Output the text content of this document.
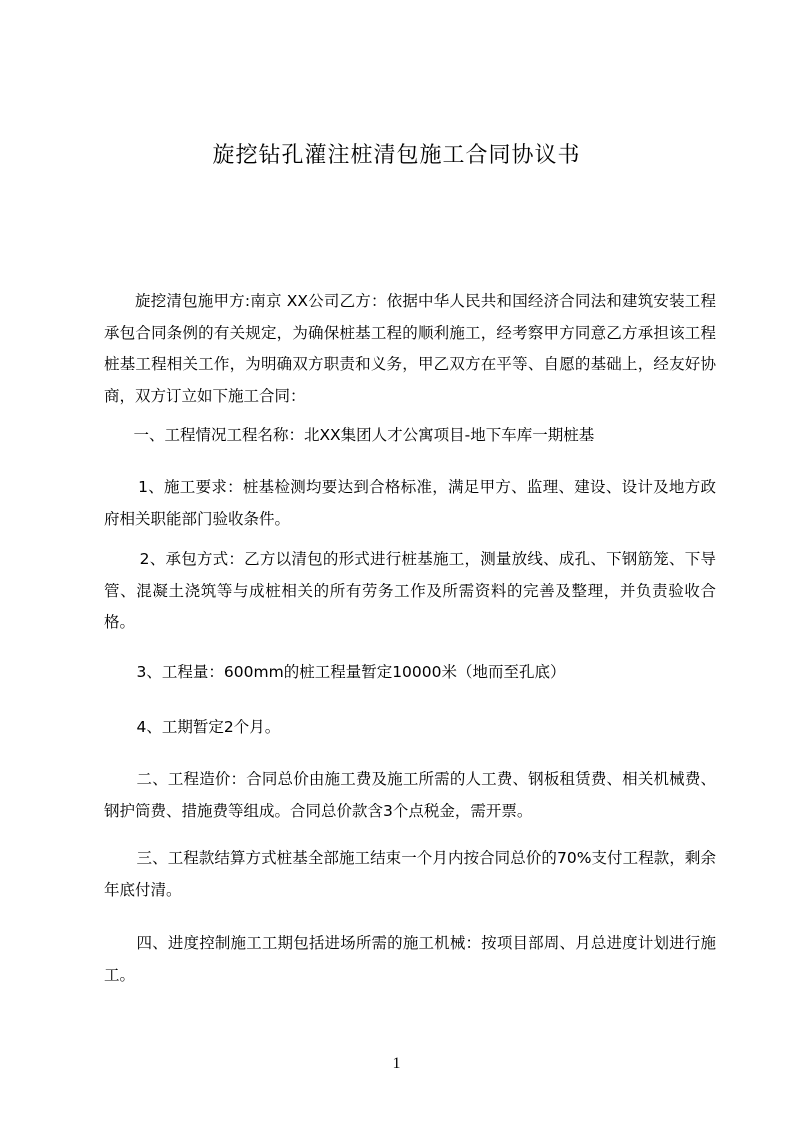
旋挖钻孔灌注桩清包施工合同协议书

旋挖清包施甲方:南京 XX公司乙方：依据中华人民共和国经济合同法和建筑安装工程承包合同条例的有关规定，为确保桩基工程的顺利施工，经考察甲方同意乙方承担该工程桩基工程相关工作，为明确双方职责和义务，甲乙双方在平等、自愿的基础上，经友好协商，双方订立如下施工合同：

一、工程情况工程名称：北XX集团人才公寓项目-地下车库一期桩基

1、施工要求：桩基检测均要达到合格标准，满足甲方、监理、建设、设计及地方政府相关职能部门验收条件。

2、承包方式：乙方以清包的形式进行桩基施工，测量放线、成孔、下钢筋笼、下导管、混凝土浇筑等与成桩相关的所有劳务工作及所需资料的完善及整理，并负责验收合格。

3、工程量：600mm的桩工程量暂定10000米（地而至孔底）

4、工期暂定2个月。

二、工程造价：合同总价由施工费及施工所需的人工费、钢板租赁费、相关机械费、钢护筒费、措施费等组成。合同总价款含3个点税金，需开票。

三、工程款结算方式桩基全部施工结束一个月内按合同总价的70%支付工程款，剩余年底付清。

四、进度控制施工工期包括进场所需的施工机械：按项目部周、月总进度计划进行施工。

1
